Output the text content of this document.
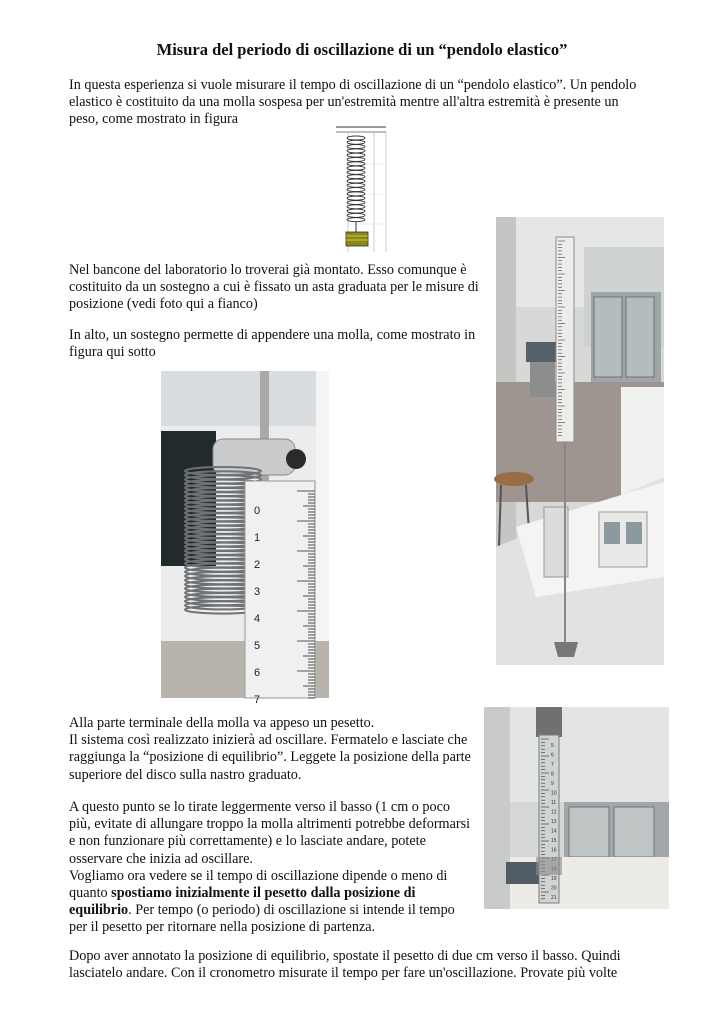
Misura del periodo di oscillazione di un “pendolo elastico”

In questa esperienza si vuole misurare il tempo di oscillazione di un “pendolo elastico”. Un pendolo

elastico è costituito da una molla sospesa per un'estremità mentre all'altra estremità è presente un

peso, come mostrato in figura

Nel bancone del laboratorio lo troverai già montato. Esso comunque è

costituito da un sostegno a cui è fissato un asta graduata per le misure di

posizione (vedi foto qui a fianco)

In alto, un sostegno permette di appendere una molla, come mostrato in

figura qui sotto

0
1
2
3
4
5
6
7

Alla parte terminale della molla va appeso un pesetto.

Il sistema così realizzato inizierà ad oscillare. Fermatelo e lasciate che

raggiunga la “posizione di equilibrio”. Leggete la posizione della parte

superiore del disco sulla nastro graduato.

A questo punto se lo tirate leggermente verso il basso (1 cm o poco

più, evitate di allungare troppo la molla altrimenti potrebbe deformarsi

e non funzionare più correttamente) e lo lasciate andare, potete

osservare che inizia ad oscillare.

Vogliamo ora vedere se il tempo di oscillazione dipende o meno di

quanto spostiamo inizialmente il pesetto dalla posizione di

equilibrio. Per tempo (o periodo) di oscillazione si intende il tempo

per il pesetto per ritornare nella posizione di partenza.

5
6
7
8
9
10
11
12
13
14
15
16
19
20
21

Dopo aver annotato la posizione di equilibrio, spostate il pesetto di due cm verso il basso. Quindi

lasciatelo andare. Con il cronometro misurate il tempo per fare un'oscillazione. Provate più volte
